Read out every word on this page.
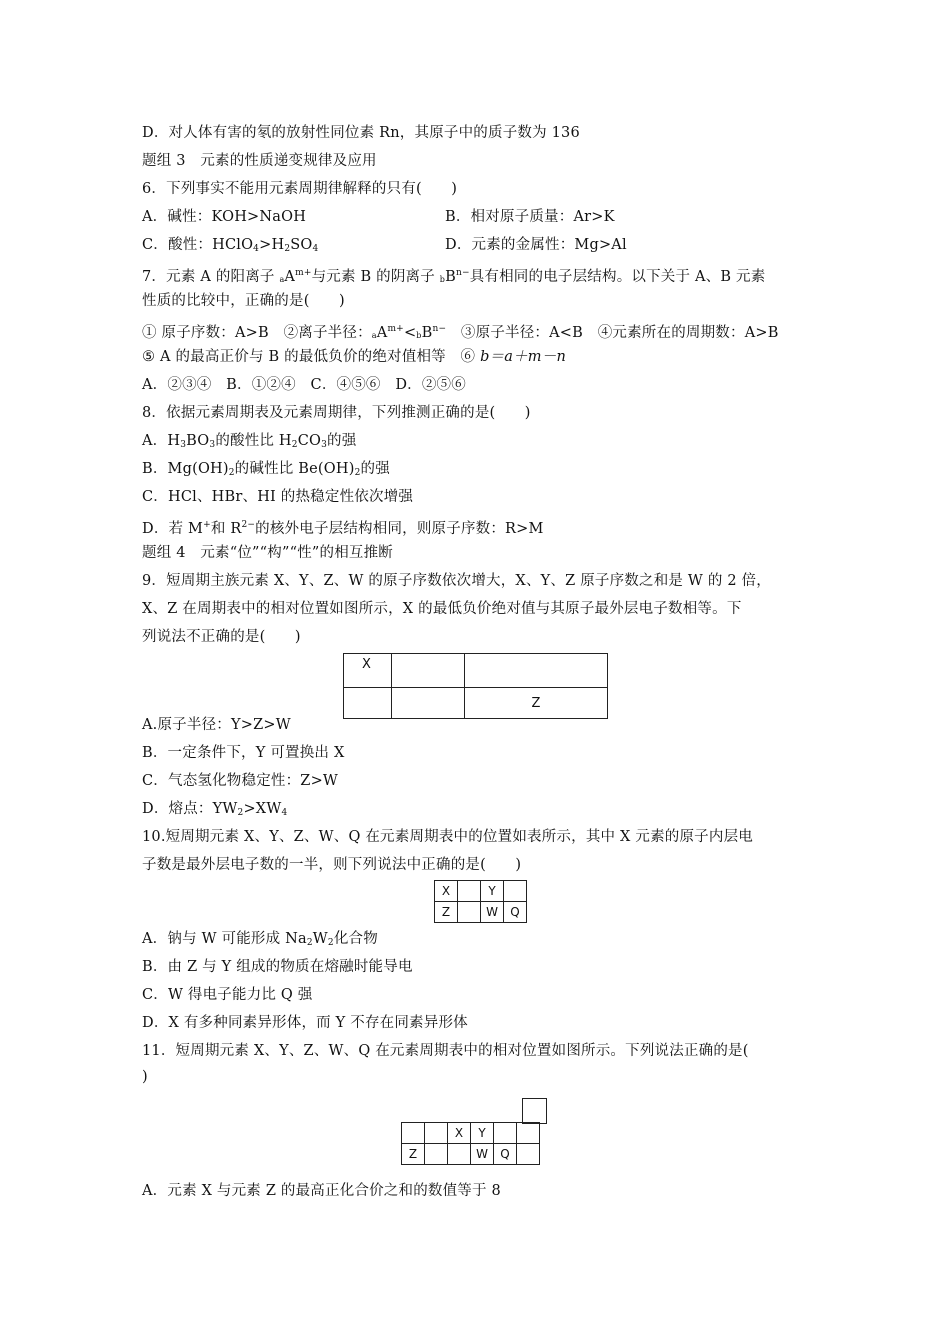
D．对人体有害的氡的放射性同位素 Rn，其原子中的质子数为 136
题组 3　元素的性质递变规律及应用
6．下列事实不能用元素周期律解释的只有(　　)
A．碱性：KOH>NaOH	B．相对原子质量：Ar>K
C．酸性：$HClO_4>H_2SO_4$	D．元素的金属性：Mg>Al
7．元素 A 的阳离子 $aA^{m+}$与元素 B 的阴离子 $bB^{n-}$具有相同的电子层结构。以下关于 A、B 元素
性质的比较中，正确的是(　　)
① 原子序数：A>B　②离子半径：$aA^{m+}<bB^{n-}$　③原子半径：A<B　④元素所在的周期数：A>B
⑤ A 的最高正价与 B 的最低负价的绝对值相等　⑥ b＝a＋m－n
A．②③④　B．①②④　C．④⑤⑥　D．②⑤⑥
8．依据元素周期表及元素周期律，下列推测正确的是(　　)
A．$H_3BO_3$的酸性比 $H_2CO_3$的强
B．$Mg(OH)_2$的碱性比 $Be(OH)_2$的强
C．HCl、HBr、HI 的热稳定性依次增强
D．若 M+和 $R^{2-}$的核外电子层结构相同，则原子序数：R>M
题组 4　元素“位”“构”“性”的相互推断
9．短周期主族元素 X、Y、Z、W 的原子序数依次增大，X、Y、Z 原子序数之和是 W 的 2 倍，
X、Z 在周期表中的相对位置如图所示，X 的最低负价绝对值与其原子最外层电子数相等。下
列说法不正确的是(　　)
X		
		Z
A.原子半径：Y>Z>W
B．一定条件下，Y 可置换出 X
C．气态氢化物稳定性：Z>W
D．熔点：$YW_2>XW_4$
10.短周期元素 X、Y、Z、W、Q 在元素周期表中的位置如表所示，其中 X 元素的原子内层电
子数是最外层电子数的一半，则下列说法中正确的是(　　)
X		Y	
Z		W	Q
A．钠与 W 可能形成 $Na_2W_2$化合物
B．由 Z 与 Y 组成的物质在熔融时能导电
C．W 得电子能力比 Q 强
D．X 有多种同素异形体，而 Y 不存在同素异形体
11．短周期元素 X、Y、Z、W、Q 在元素周期表中的相对位置如图所示。下列说法正确的是(
)
		X	Y		
Z			W	Q	
A．元素 X 与元素 Z 的最高正化合价之和的数值等于 8
